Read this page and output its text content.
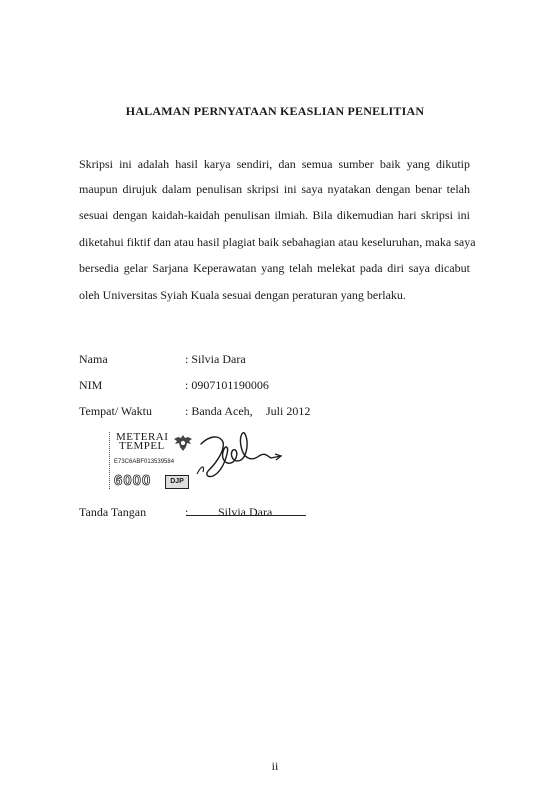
HALAMAN PERNYATAAN KEASLIAN PENELITIAN
Skripsi ini adalah hasil karya sendiri, dan semua sumber baik yang dikutip
maupun dirujuk dalam penulisan skripsi ini saya nyatakan dengan benar telah
sesuai dengan kaidah-kaidah penulisan ilmiah. Bila dikemudian hari skripsi ini
diketahui fiktif dan atau hasil plagiat baik sebahagian atau keseluruhan, maka saya
bersedia gelar Sarjana Keperawatan yang telah melekat pada diri saya dicabut
oleh Universitas Syiah Kuala sesuai dengan peraturan yang berlaku.
Nama	: Silvia Dara
NIM	: 0907101190006
Tempat/ Waktu	: Banda Aceh, Juli 2012
METERAI
TEMPEL
E73C6ABF013539584
6000	DJP
Tanda Tangan	: Silvia Dara
ii
